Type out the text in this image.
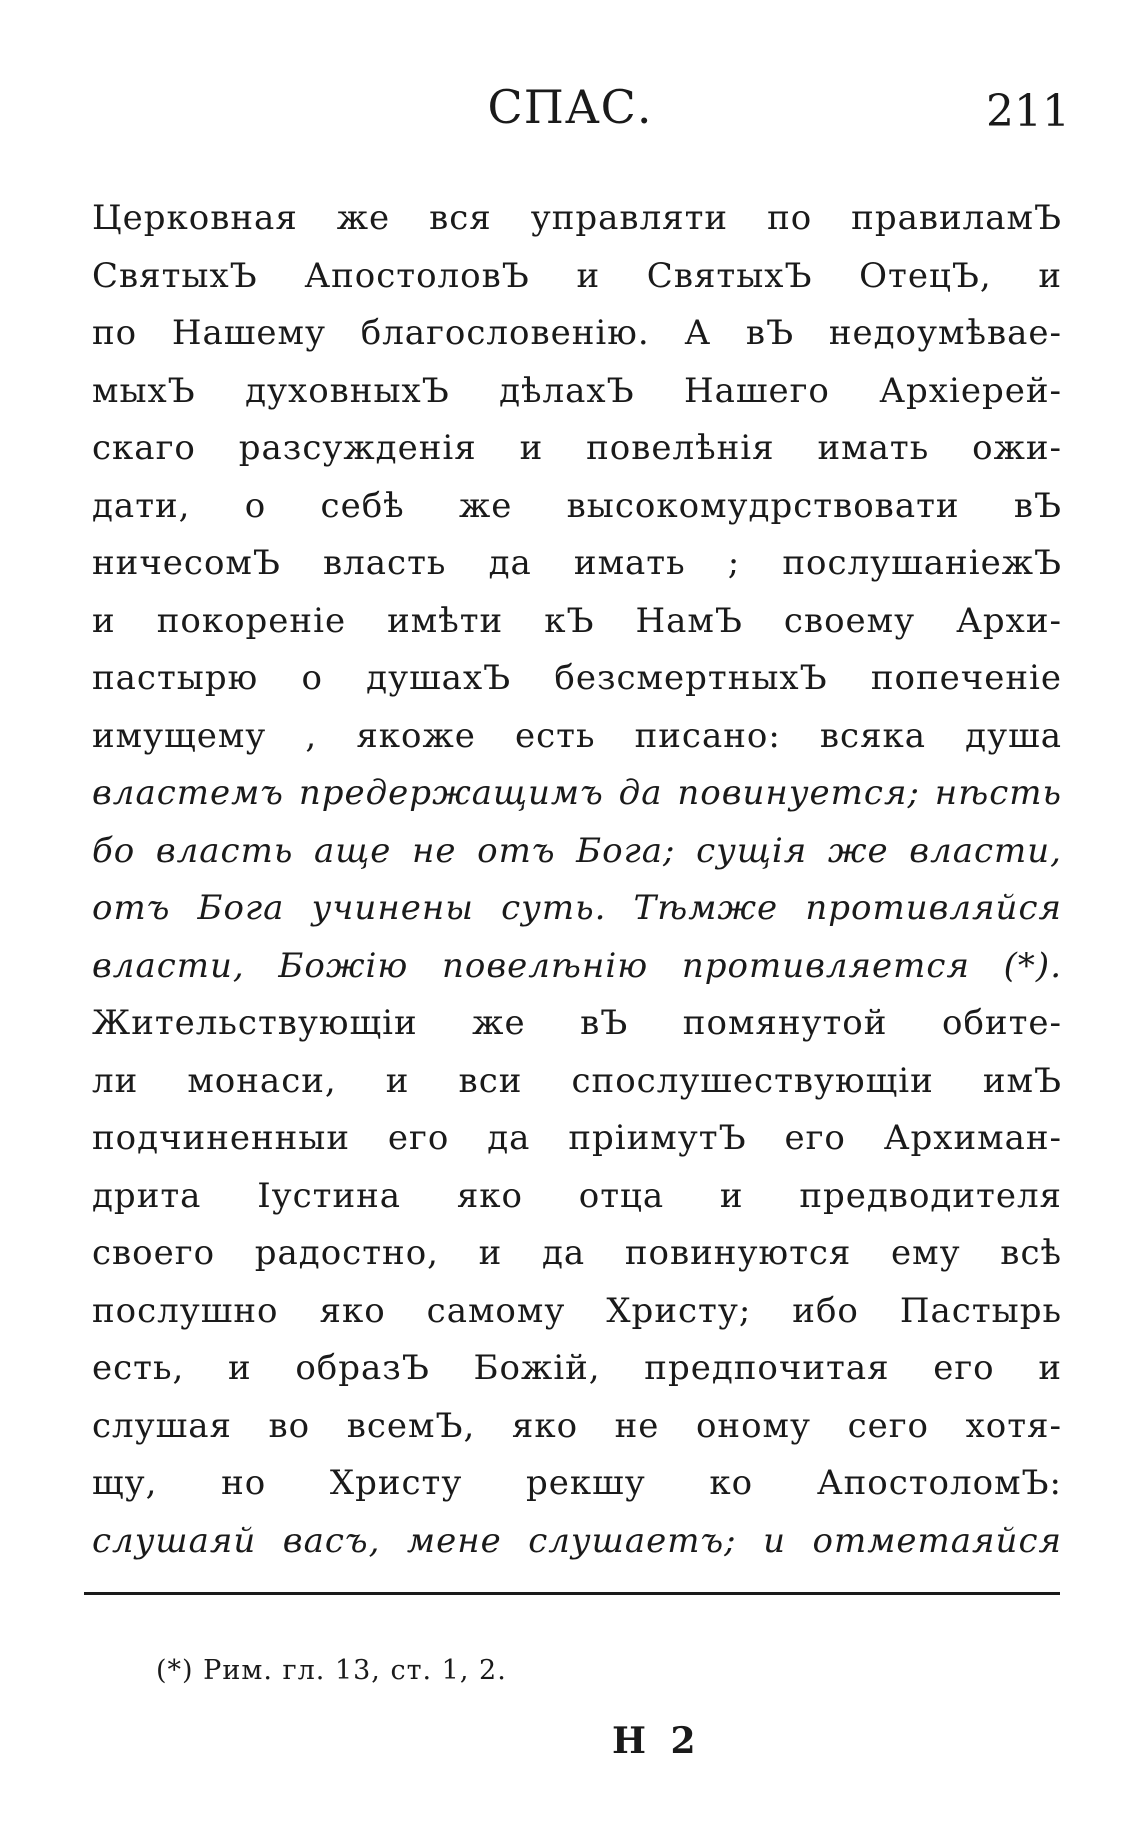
СПАС.	211
Церковная же вся управляти по правиламЪ
СвятыхЪ АпостоловЪ и СвятыхЪ ОтецЪ, и
по Нашему благословенію. А вЪ недоумѣвае-
мыхЪ духовныхЪ дѣлахЪ Нашего Архіерей-
скаго разсужденія и повелѣнія имать ожи-
дати, о себѣ же высокомудрствовати вЪ
ничесомЪ власть да имать ; послушаніежЪ
и покореніе имѣти кЪ НамЪ своему Архи-
пастырю о душахЪ безсмертныхЪ попеченіе
имущему , якоже есть писано: всяка душа
властемъ предержащимъ да повинуется; нѣсть
бо власть аще не отъ Бога; сущія же власти,
отъ Бога учинены суть. Тѣмже противляйся
власти, Божію повелѣнію противляется (*).
Жительствующіи же вЪ помянутой обите-
ли монаси, и вси спослушествующіи имЪ
подчиненныи его да пріимутЪ его Архиман-
дрита Іустина яко отца и предводителя
своего радостно, и да повинуются ему всѣ
послушно яко самому Христу; ибо Пастырь
есть, и образЪ Божій, предпочитая его и
слушая во всемЪ, яко не оному сего хотя-
щу, но Христу рекшу ко АпостоломЪ:
слушаяй васъ, мене слушаетъ; и отметаяйся
(*) Рим. гл. 13, ст. 1, 2.
Н 2
